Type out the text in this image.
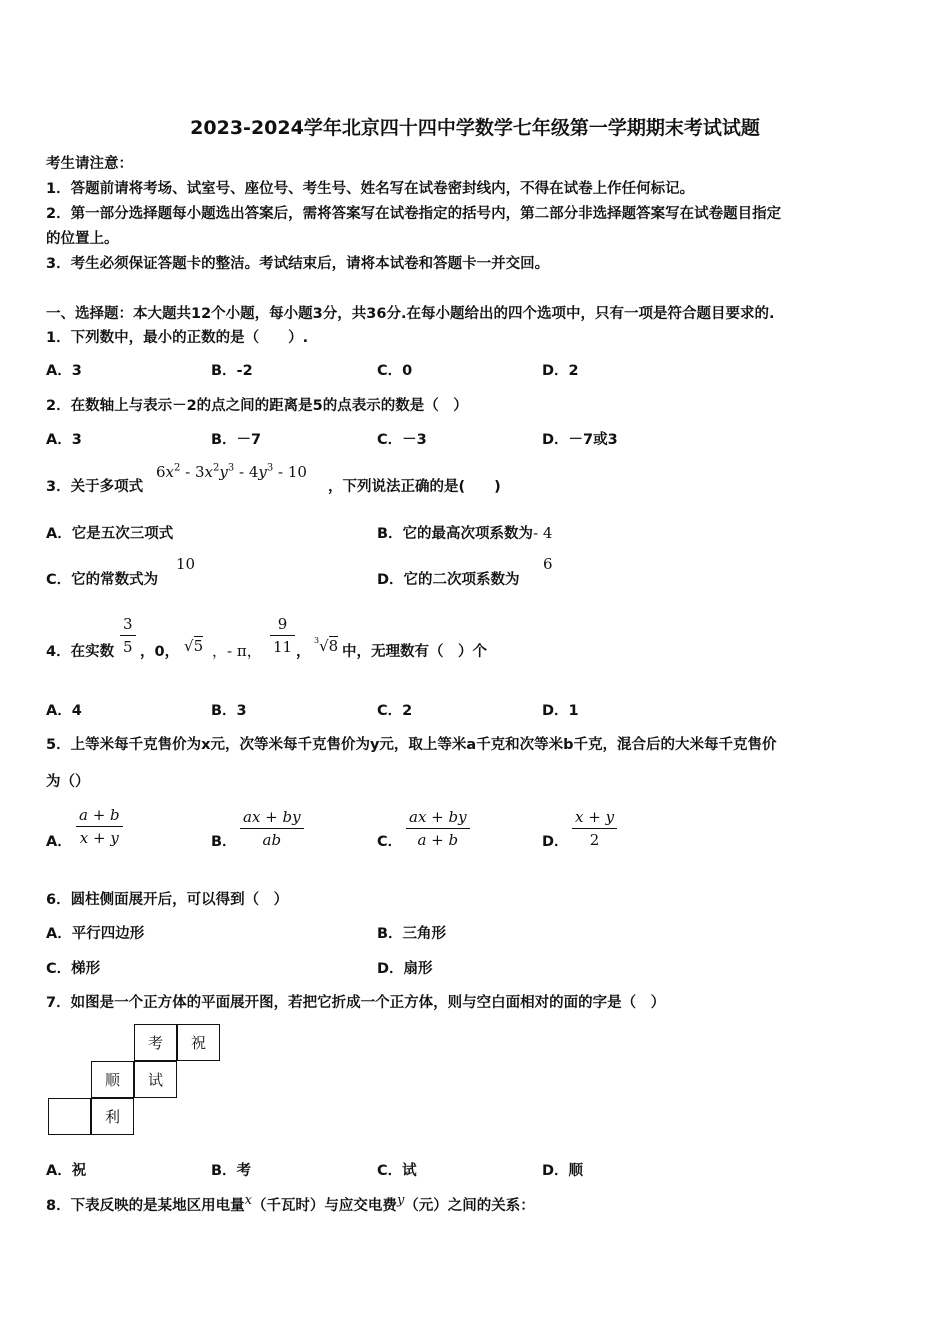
2023-2024学年北京四十四中学数学七年级第一学期期末考试试题
考生请注意：
1．答题前请将考场、试室号、座位号、考生号、姓名写在试卷密封线内，不得在试卷上作任何标记。
2．第一部分选择题每小题选出答案后，需将答案写在试卷指定的括号内，第二部分非选择题答案写在试卷题目指定
的位置上。
3．考生必须保证答题卡的整洁。考试结束后，请将本试卷和答题卡一并交回。
一、选择题：本大题共12个小题，每小题3分，共36分.在每小题给出的四个选项中，只有一项是符合题目要求的.
1．下列数中，最小的正数的是（　　）.
A．3	B．-2	C．0	D．2
2．在数轴上与表示－2的点之间的距离是5的点表示的数是（　）
A．3	B．－7	C．－3	D．－7或3
3．关于多项式
$6x^2 - 3x^2y^3 - 4y^3 - 10$
，下列说法正确的是(　　)
A．它是五次三项式	B．它的最高次项系数为- 4
C．它的常数式为
10
D．它的二次项系数为
6
4．在实数 $\frac{3}{5}$ ，0， √5 ，- π， $\frac{9}{11}$ ，
$^3$√8 中，无理数有（　）个
A．4	B．3	C．2	D．1
5．上等米每千克售价为x元，次等米每千克售价为y元，取上等米a千克和次等米b千克，混合后的大米每千克售价
为（）
A． $\frac{a + b}{x + y}$	B． $\frac{ax + by}{ab}$	C． $\frac{ax + by}{a + b}$	D． $\frac{x + y}{2}$
6．圆柱侧面展开后，可以得到（　）
A．平行四边形	B．三角形
C．梯形	D．扇形
7．如图是一个正方体的平面展开图，若把它折成一个正方体，则与空白面相对的面的字是（　）
考	祝
顺	试
利
A．祝	B．考	C．试	D．顺
8．下表反映的是某地区用电量x（千瓦时）与应交电费y（元）之间的关系：
